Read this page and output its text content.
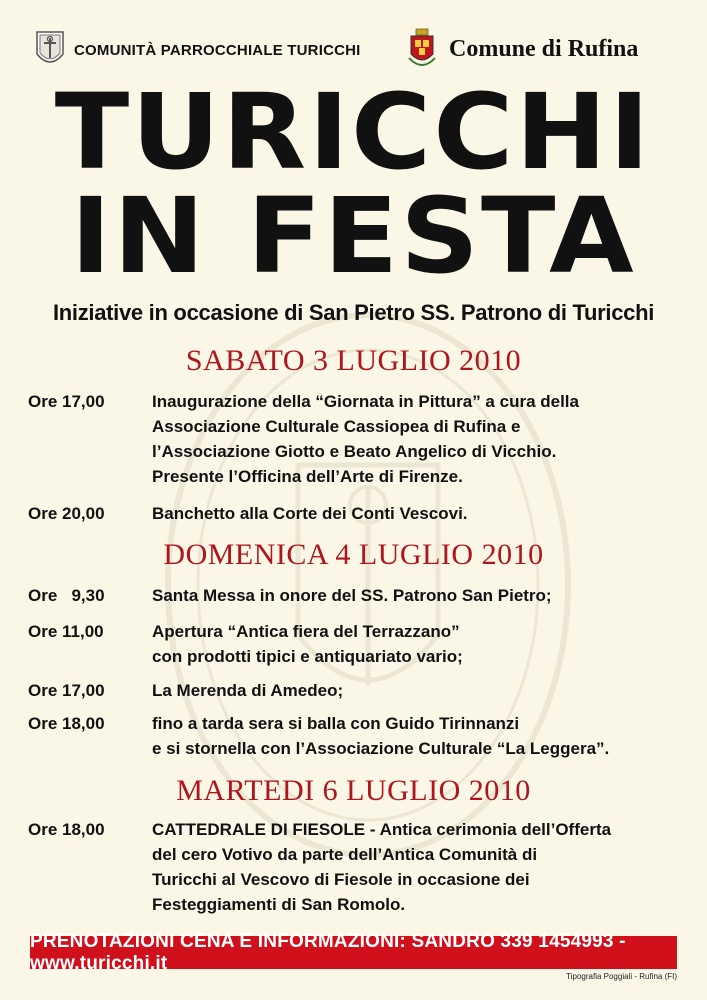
COMUNITÀ PARROCCHIALE TURICCHI	Comune di Rufina
TURICCHI
IN FESTA
Iniziative in occasione di San Pietro SS. Patrono di Turicchi
SABATO 3 LUGLIO 2010
Ore 17,00	Inaugurazione della “Giornata in Pittura” a cura della
Associazione Culturale Cassiopea di Rufina e
l’Associazione Giotto e Beato Angelico di Vicchio.
Presente l’Officina dell’Arte di Firenze.
Ore 20,00	Banchetto alla Corte dei Conti Vescovi.
DOMENICA 4 LUGLIO 2010
Ore   9,30	Santa Messa in onore del SS. Patrono San Pietro;
Ore 11,00	Apertura “Antica fiera del Terrazzano”
con prodotti tipici e antiquariato vario;
Ore 17,00	La Merenda di Amedeo;
Ore 18,00	fino a tarda sera si balla con Guido Tirinnanzi
e si stornella con l’Associazione Culturale “La Leggera”.
MARTEDI 6 LUGLIO 2010
Ore 18,00	CATTEDRALE DI FIESOLE - Antica cerimonia dell’Offerta
del cero Votivo da parte dell’Antica Comunità di
Turicchi al Vescovo di Fiesole in occasione dei
Festeggiamenti di San Romolo.
PRENOTAZIONI CENA E INFORMAZIONI: SANDRO 339 1454993 - www.turicchi.it
Tipografia Poggiali - Rufina (FI)
